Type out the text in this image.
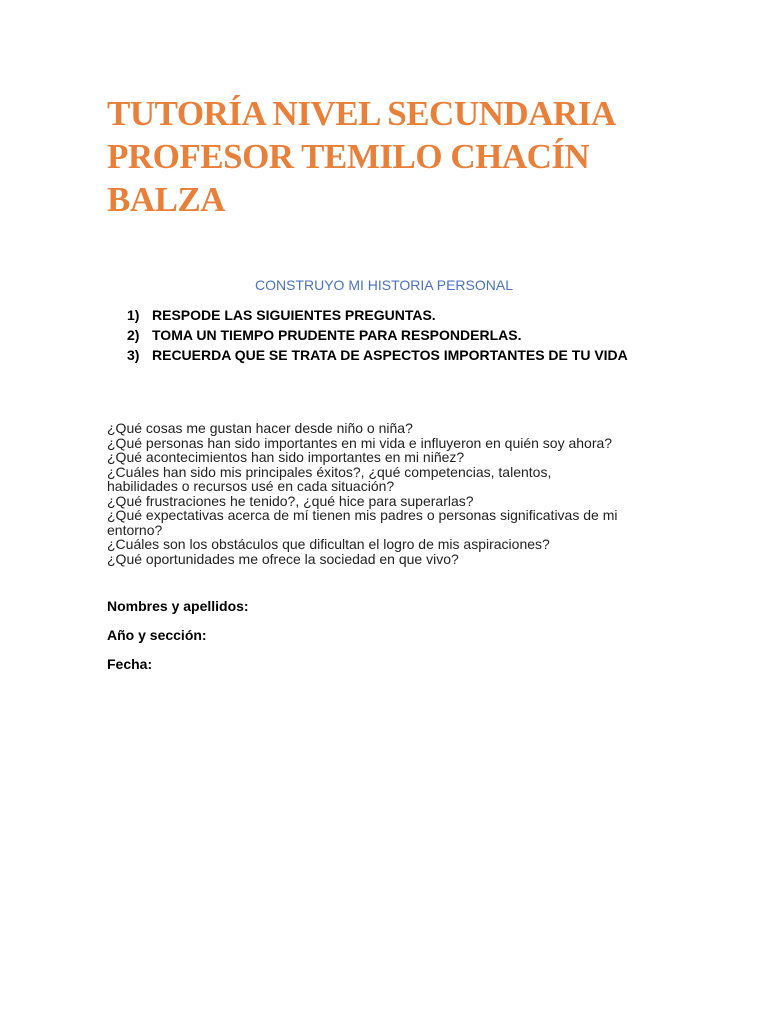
TUTORÍA NIVEL SECUNDARIA
PROFESOR TEMILO CHACÍN
BALZA
CONSTRUYO MI HISTORIA PERSONAL
1) RESPODE LAS SIGUIENTES PREGUNTAS.
2) TOMA UN TIEMPO PRUDENTE PARA RESPONDERLAS.
3) RECUERDA QUE SE TRATA DE ASPECTOS IMPORTANTES DE TU VIDA
¿Qué cosas me gustan hacer desde niño o niña?
¿Qué personas han sido importantes en mi vida e influyeron en quién soy ahora?
¿Qué acontecimientos han sido importantes en mi niñez?
¿Cuáles han sido mis principales éxitos?, ¿qué competencias, talentos,
habilidades o recursos usé en cada situación?
¿Qué frustraciones he tenido?, ¿qué hice para superarlas?
¿Qué expectativas acerca de mí tienen mis padres o personas significativas de mi
entorno?
¿Cuáles son los obstáculos que dificultan el logro de mis aspiraciones?
¿Qué oportunidades me ofrece la sociedad en que vivo?
Nombres y apellidos:
Año y sección:
Fecha:
